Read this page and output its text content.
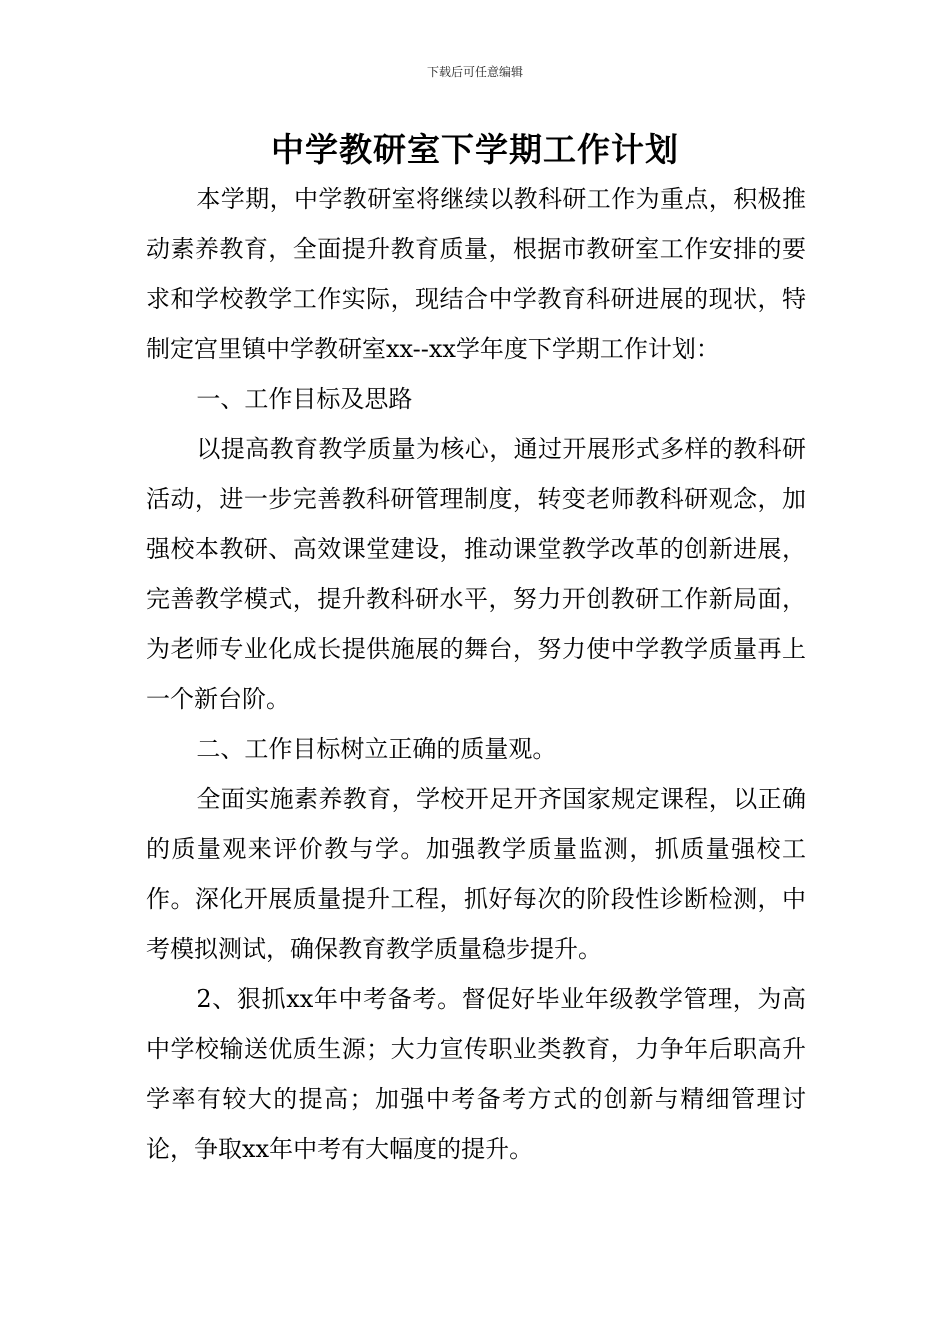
下载后可任意编辑
中学教研室下学期工作计划

本学期，中学教研室将继续以教科研工作为重点，积极推动素养教育，全面提升教育质量，根据市教研室工作安排的要求和学校教学工作实际，现结合中学教育科研进展的现状，特制定宫里镇中学教研室xx--xx学年度下学期工作计划：

一、工作目标及思路

以提高教育教学质量为核心，通过开展形式多样的教科研活动，进一步完善教科研管理制度，转变老师教科研观念，加强校本教研、高效课堂建设，推动课堂教学改革的创新进展，完善教学模式，提升教科研水平，努力开创教研工作新局面，为老师专业化成长提供施展的舞台，努力使中学教学质量再上一个新台阶。

二、工作目标树立正确的质量观。

全面实施素养教育，学校开足开齐国家规定课程，以正确的质量观来评价教与学。加强教学质量监测，抓质量强校工作。深化开展质量提升工程，抓好每次的阶段性诊断检测，中考模拟测试，确保教育教学质量稳步提升。

2、狠抓xx年中考备考。督促好毕业年级教学管理，为高中学校输送优质生源；大力宣传职业类教育，力争年后职高升学率有较大的提高；加强中考备考方式的创新与精细管理讨论，争取xx年中考有大幅度的提升。
